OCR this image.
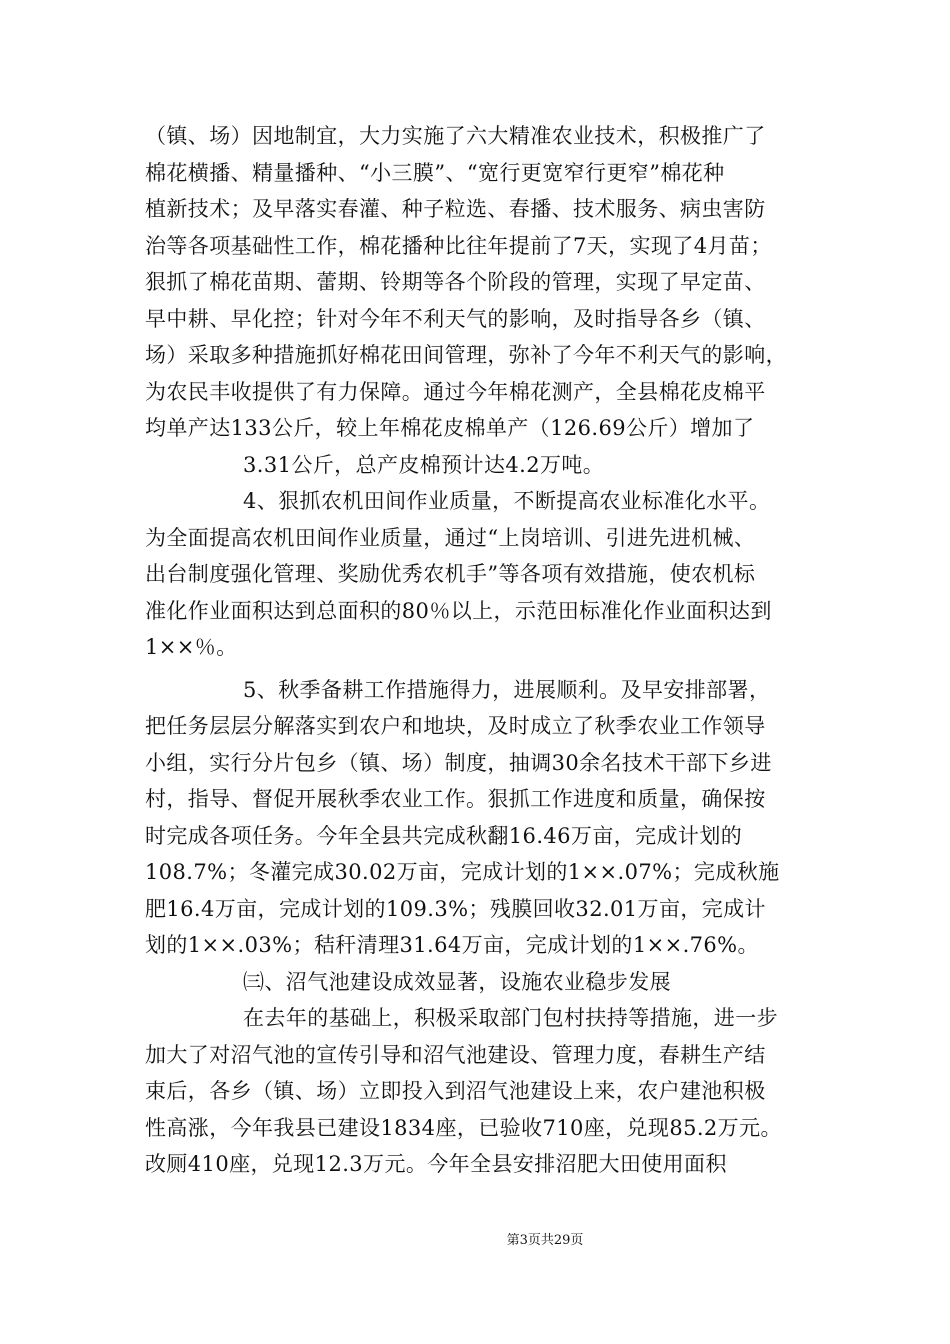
（镇、场）因地制宜，大力实施了六大精准农业技术，积极推广了
棉花横播、精量播种、“小三膜”、“宽行更宽窄行更窄”棉花种
植新技术；及早落实春灌、种子粒选、春播、技术服务、病虫害防
治等各项基础性工作，棉花播种比往年提前了7天，实现了4月苗；
狠抓了棉花苗期、蕾期、铃期等各个阶段的管理，实现了早定苗、
早中耕、早化控；针对今年不利天气的影响，及时指导各乡（镇、
场）采取多种措施抓好棉花田间管理，弥补了今年不利天气的影响，
为农民丰收提供了有力保障。通过今年棉花测产，全县棉花皮棉平
均单产达133公斤，较上年棉花皮棉单产（126.69公斤）增加了
3.31公斤，总产皮棉预计达4.2万吨。
4、狠抓农机田间作业质量，不断提高农业标准化水平。
为全面提高农机田间作业质量，通过“上岗培训、引进先进机械、
出台制度强化管理、奖励优秀农机手”等各项有效措施，使农机标
准化作业面积达到总面积的80％以上，示范田标准化作业面积达到
1××％。
5、秋季备耕工作措施得力，进展顺利。及早安排部署，
把任务层层分解落实到农户和地块，及时成立了秋季农业工作领导
小组，实行分片包乡（镇、场）制度，抽调30余名技术干部下乡进
村，指导、督促开展秋季农业工作。狠抓工作进度和质量，确保按
时完成各项任务。今年全县共完成秋翻16.46万亩，完成计划的
108.7%；冬灌完成30.02万亩，完成计划的1××.07%；完成秋施
肥16.4万亩，完成计划的109.3%；残膜回收32.01万亩，完成计
划的1××.03%；秸秆清理31.64万亩，完成计划的1××.76%。
㈢、沼气池建设成效显著，设施农业稳步发展
在去年的基础上，积极采取部门包村扶持等措施，进一步
加大了对沼气池的宣传引导和沼气池建设、管理力度，春耕生产结
束后，各乡（镇、场）立即投入到沼气池建设上来，农户建池积极
性高涨，今年我县已建设1834座，已验收710座，兑现85.2万元。
改厕410座，兑现12.3万元。今年全县安排沼肥大田使用面积
第3页共29页
